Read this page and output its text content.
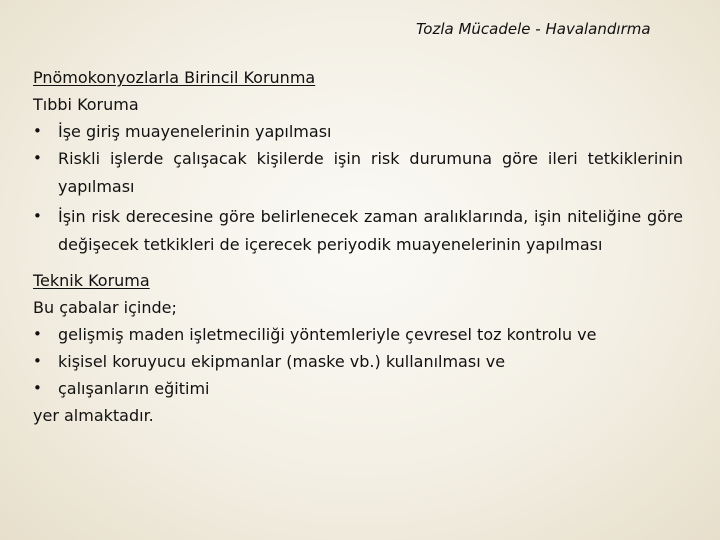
Tozla Mücadele - Havalandırma
Pnömokonyozlarla Birincil Korunma
Tıbbi Koruma
•	İşe giriş muayenelerinin yapılması
•	Riskli işlerde çalışacak kişilerde işin risk durumuna göre ileri tetkiklerinin yapılması
•	İşin risk derecesine göre belirlenecek zaman aralıklarında, işin niteliğine göre değişecek tetkikleri de içerecek periyodik muayenelerinin yapılması
Teknik Koruma
Bu çabalar içinde;
•	gelişmiş maden işletmeciliği yöntemleriyle çevresel toz kontrolu ve
•	kişisel koruyucu ekipmanlar (maske vb.) kullanılması ve
•	çalışanların eğitimi
yer almaktadır.
